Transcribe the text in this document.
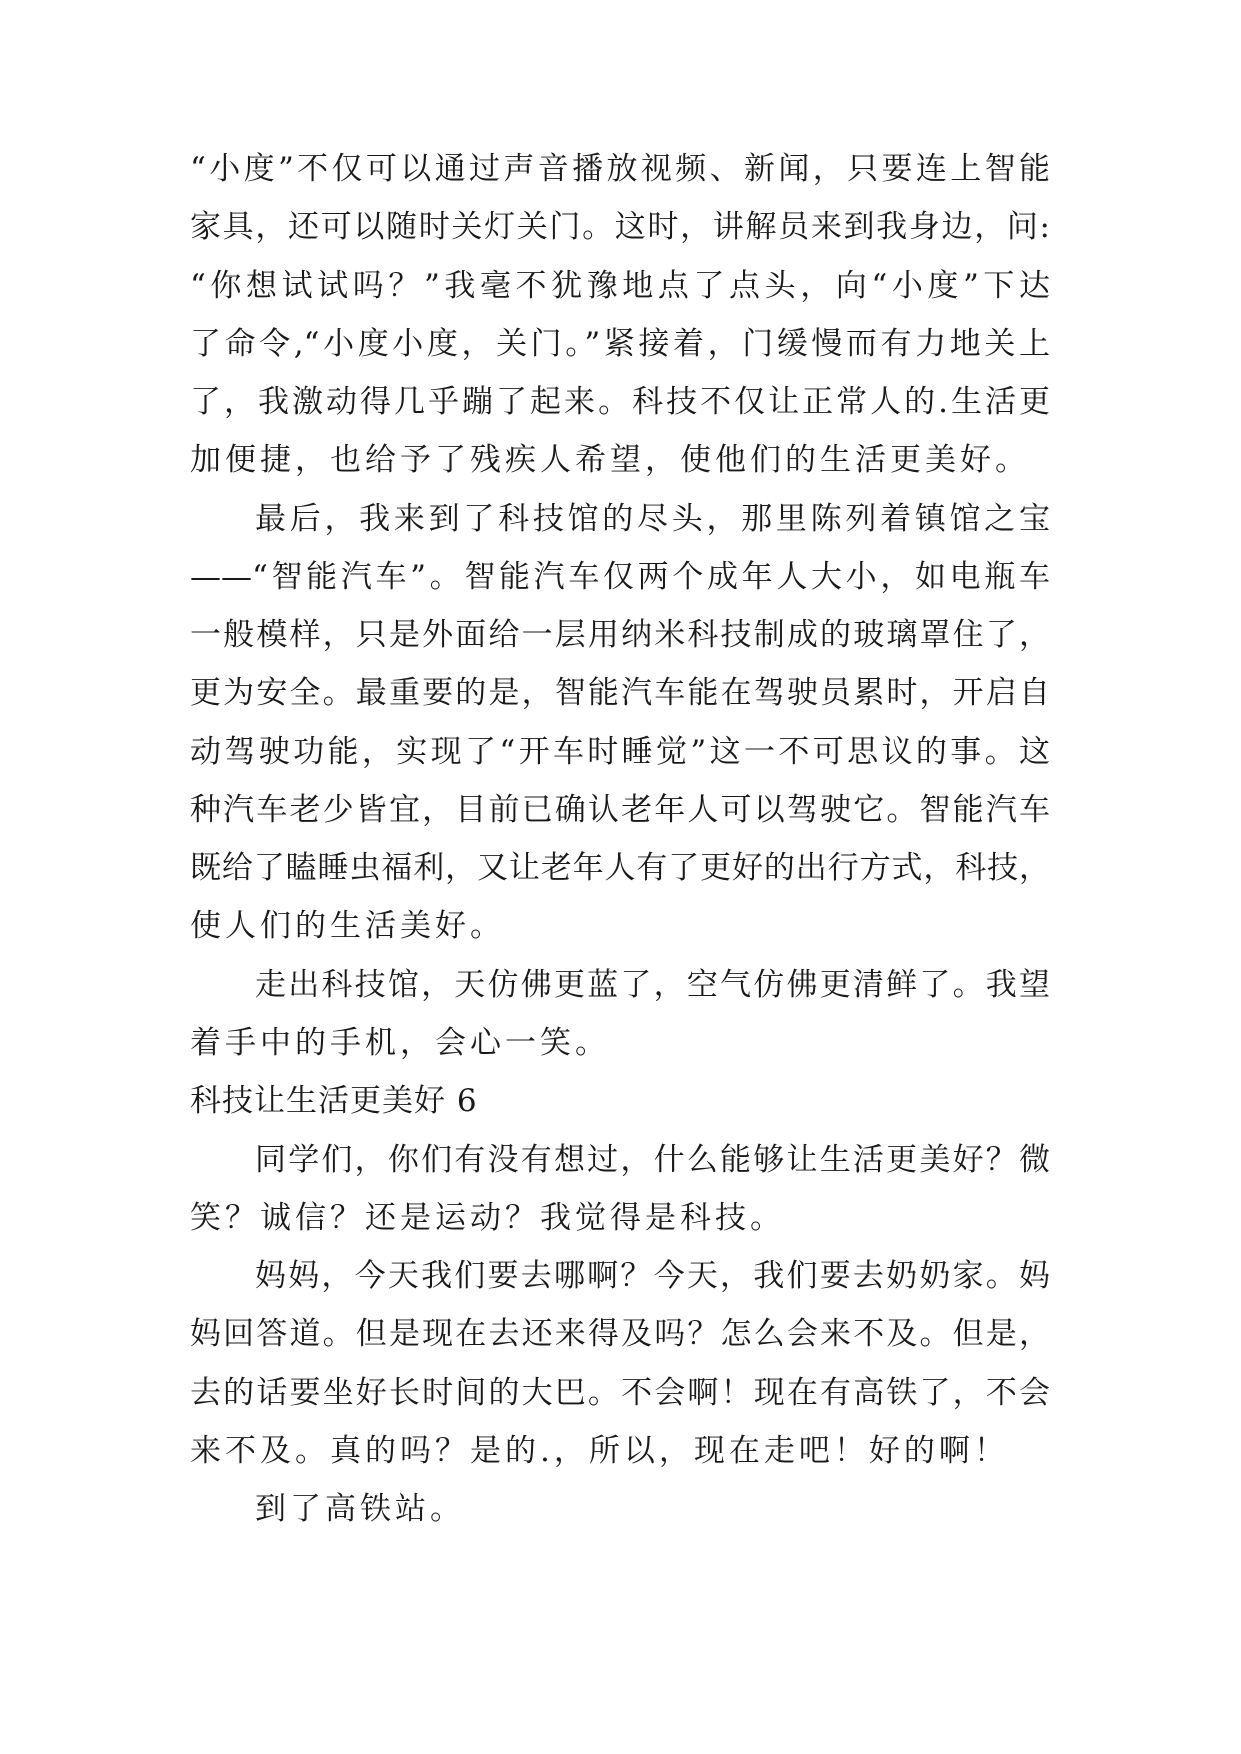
“小度”不仅可以通过声音播放视频、新闻，只要连上智能
家具，还可以随时关灯关门。这时，讲解员来到我身边，问:
“你想试试吗？”我毫不犹豫地点了点头，向“小度”下达
了命令,“小度小度，关门。”紧接着，门缓慢而有力地关上
了，我激动得几乎蹦了起来。科技不仅让正常人的.生活更
加便捷，也给予了残疾人希望，使他们的生活更美好。
最后，我来到了科技馆的尽头，那里陈列着镇馆之宝
——“智能汽车”。智能汽车仅两个成年人大小，如电瓶车
一般模样，只是外面给一层用纳米科技制成的玻璃罩住了，
更为安全。最重要的是，智能汽车能在驾驶员累时，开启自
动驾驶功能，实现了“开车时睡觉”这一不可思议的事。这
种汽车老少皆宜，目前已确认老年人可以驾驶它。智能汽车
既给了瞌睡虫福利，又让老年人有了更好的出行方式，科技，
使人们的生活美好。
走出科技馆，天仿佛更蓝了，空气仿佛更清鲜了。我望
着手中的手机，会心一笑。
科技让生活更美好 6
同学们，你们有没有想过，什么能够让生活更美好？微
笑？诚信？还是运动？我觉得是科技。
妈妈，今天我们要去哪啊？今天，我们要去奶奶家。妈
妈回答道。但是现在去还来得及吗？怎么会来不及。但是，
去的话要坐好长时间的大巴。不会啊！现在有高铁了，不会
来不及。真的吗？是的.，所以，现在走吧！好的啊！
到了高铁站。
